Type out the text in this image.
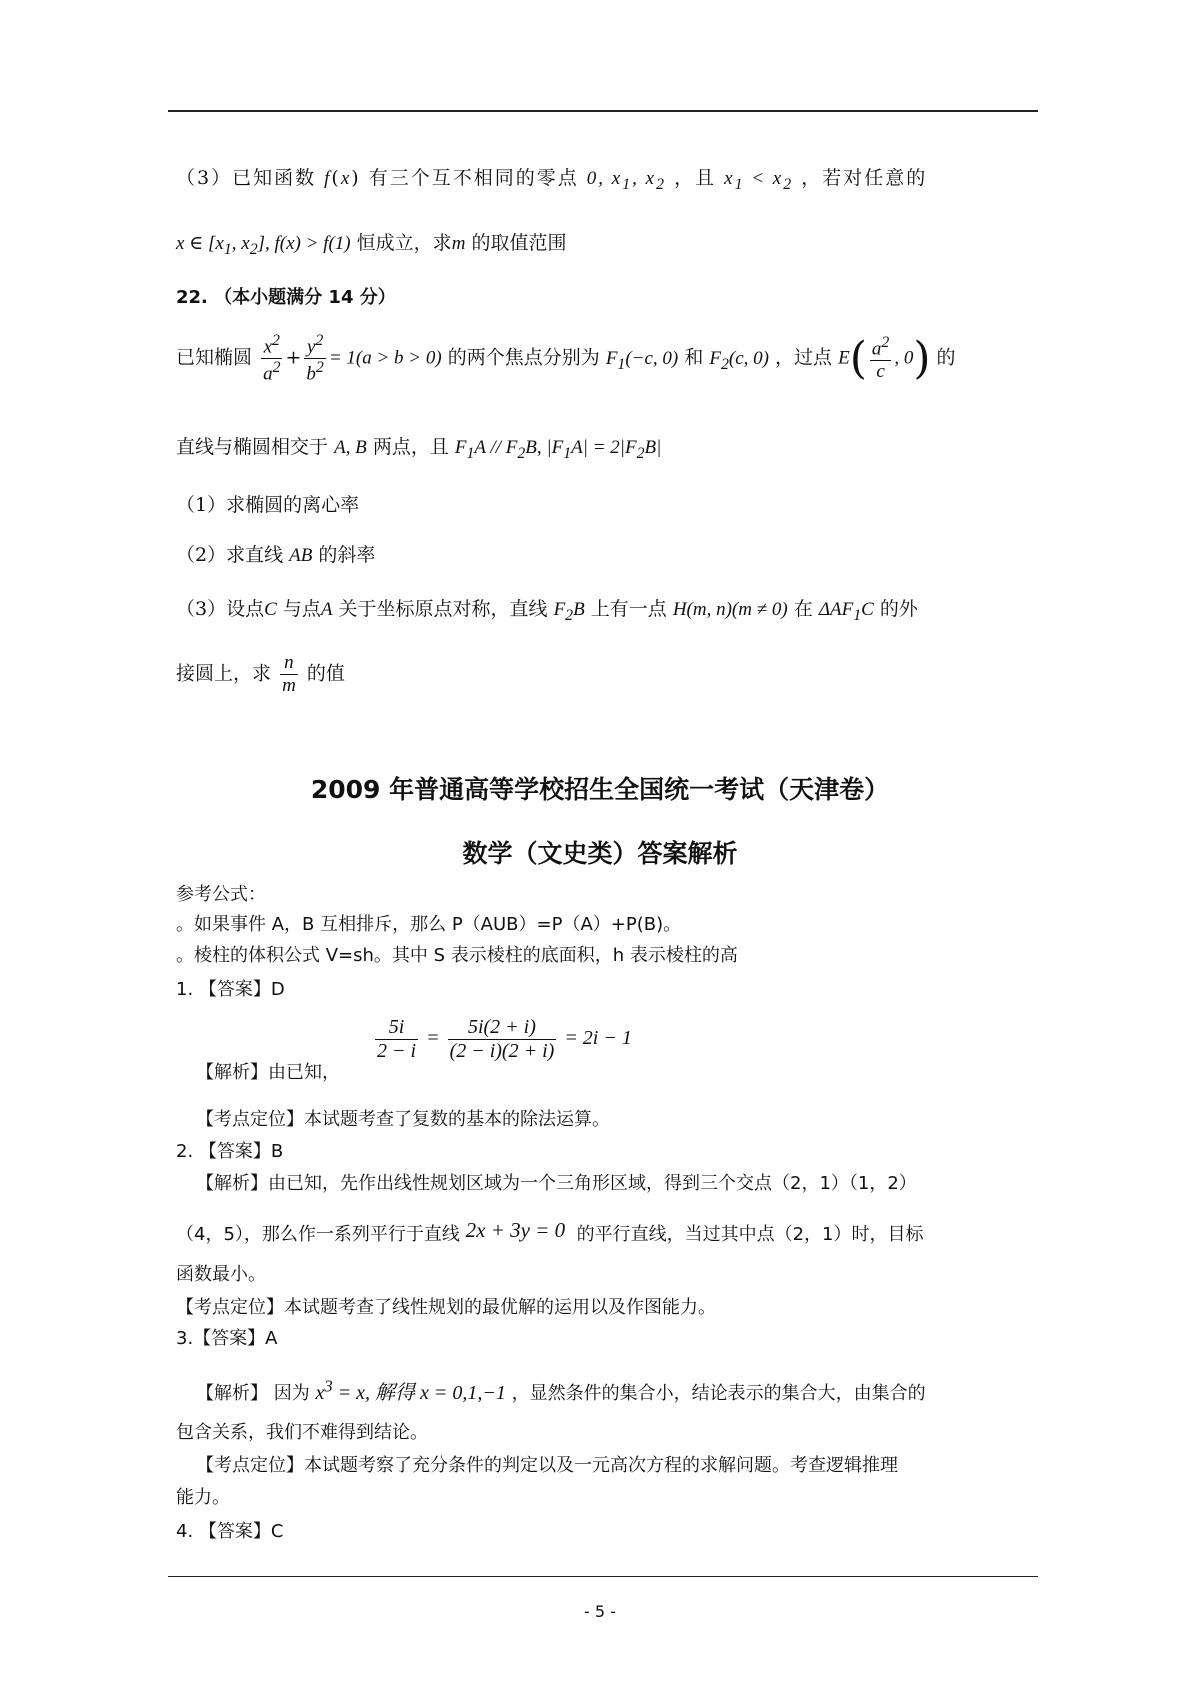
（3）已知函数 f(x) 有三个互不相同的零点 0, $x_1$, $x_2$ ，且 $x_1 < x_2$ ，若对任意的
x ∈ [$x_1$, $x_2$], f(x) > f(1) 恒成立，求m 的取值范围
22. （本小题满分 14 分）
已知椭圆 $\frac{x^2}{a^2} + \frac{y^2}{b^2} = 1(a > b > 0)$ 的两个焦点分别为 $F_1(-c$, 0) 和 $F_2(c$, 0) ，过点 $E( \frac{a^2}{c}$ , 0) 的
直线与椭圆相交于 A, B 两点，且 $F_1A // F_2B$, $|F_1A| = 2|F_2B|$
（1）求椭圆的离心率
（2）求直线 AB 的斜率
（3）设点C 与点A 关于坐标原点对称，直线 $F_2B$ 上有一点 H(m, n)(m ≠ 0) 在 $\Delta AF_1C$ 的外
接圆上，求 $\frac{n}{m}$ 的值
2009 年普通高等学校招生全国统一考试（天津卷）
数学（文史类）答案解析
参考公式：
。如果事件 A，B 互相排斥，那么 P（AUB）=P（A）+P(B)。
。棱柱的体积公式 V=sh。其中 S 表示棱柱的底面积，h 表示棱柱的高
1. 【答案】D
$\frac{5i}{2 - i} = \frac{5i(2 + i)}{(2 - i)(2 + i)} = 2i - 1$
【解析】由已知，
【考点定位】本试题考查了复数的基本的除法运算。
2. 【答案】B
【解析】由已知，先作出线性规划区域为一个三角形区域，得到三个交点（2，1）（1，2）
（4，5），那么作一系列平行于直线 2x + 3y = 0 的平行直线，当过其中点（2，1）时，目标
函数最小。
【考点定位】本试题考查了线性规划的最优解的运用以及作图能力。
3.【答案】A
【解析】 因为 $x^3 = x$, 解得 x = 0,1,−1 ，显然条件的集合小，结论表示的集合大，由集合的
包含关系，我们不难得到结论。
【考点定位】本试题考察了充分条件的判定以及一元高次方程的求解问题。考查逻辑推理
能力。
4. 【答案】C
- 5 -
